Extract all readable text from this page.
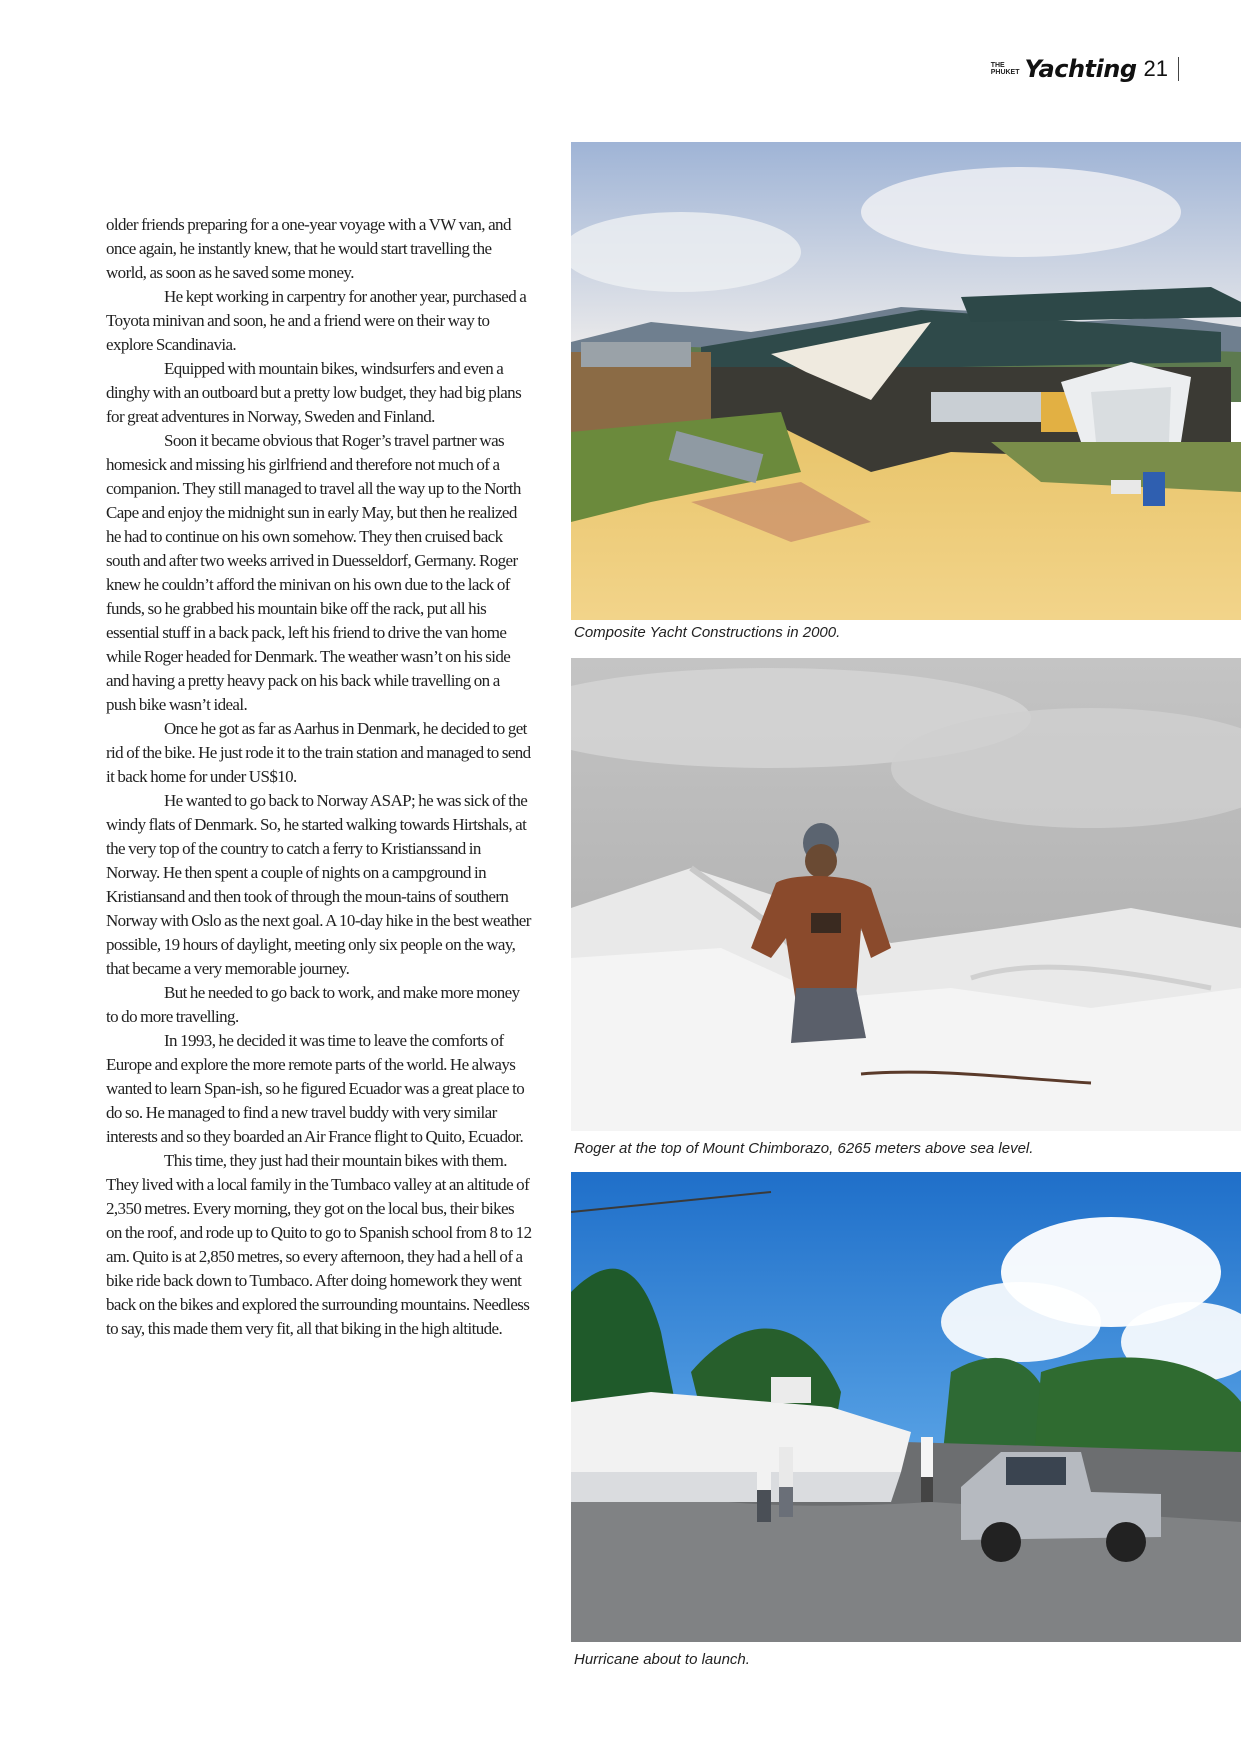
THE
PHUKET Yachting 21

older friends preparing for a one-year voyage with a VW van, and once again, he instantly knew, that he would start travelling the world, as soon as he saved some money.

He kept working in carpentry for another year, purchased a Toyota minivan and soon, he and a friend were on their way to explore Scandinavia.

Equipped with mountain bikes, windsurfers and even a dinghy with an outboard but a pretty low budget, they had big plans for great adventures in Norway, Sweden and Finland.

Soon it became obvious that Roger’s travel partner was homesick and missing his girlfriend and therefore not much of a companion. They still managed to travel all the way up to the North Cape and enjoy the midnight sun in early May, but then he realized he had to continue on his own somehow. They then cruised back south and after two weeks arrived in Duesseldorf, Germany. Roger knew he couldn’t afford the minivan on his own due to the lack of funds, so he grabbed his mountain bike off the rack, put all his essential stuff in a back pack, left his friend to drive the van home while Roger headed for Denmark. The weather wasn’t on his side and having a pretty heavy pack on his back while travelling on a push bike wasn’t ideal.

Once he got as far as Aarhus in Denmark, he decided to get rid of the bike. He just rode it to the train station and managed to send it back home for under US$10.

He wanted to go back to Norway ASAP; he was sick of the windy flats of Denmark. So, he started walking towards Hirtshals, at the very top of the country to catch a ferry to Kristianssand in Norway. He then spent a couple of nights on a campground in Kristiansand and then took of through the moun-tains of southern Norway with Oslo as the next goal. A 10-day hike in the best weather possible, 19 hours of daylight, meeting only six people on the way, that became a very memorable journey.

But he needed to go back to work, and make more money to do more travelling.

In 1993, he decided it was time to leave the comforts of Europe and explore the more remote parts of the world. He always wanted to learn Span-ish, so he figured Ecuador was a great place to do so. He managed to find a new travel buddy with very similar interests and so they boarded an Air France flight to Quito, Ecuador.

This time, they just had their mountain bikes with them. They lived with a local family in the Tumbaco valley at an altitude of 2,350 metres. Every morning, they got on the local bus, their bikes on the roof, and rode up to Quito to go to Spanish school from 8 to 12 am. Quito is at 2,850 metres, so every afternoon, they had a hell of a bike ride back down to Tumbaco. After doing homework they went back on the bikes and explored the surrounding mountains. Needless to say, this made them very fit, all that biking in the high altitude.

Composite Yacht Constructions in 2000.
Roger at the top of Mount Chimborazo, 6265 meters above sea level.
Hurricane about to launch.
